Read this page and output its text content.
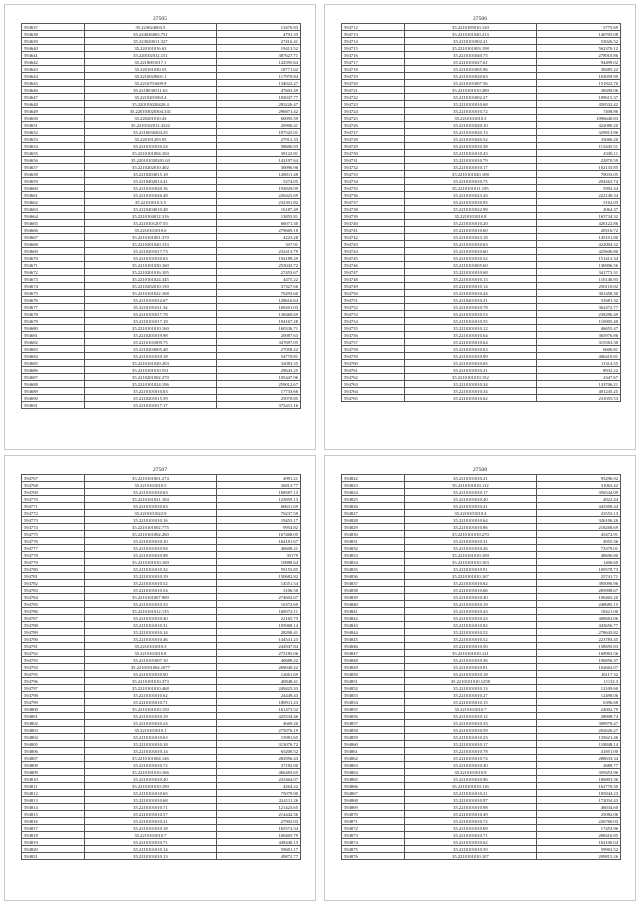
27505
594637	35.223024003.5	13476.83
594638	35.224026003.751	4791.33
594639	35.223020011.327	27416.41
594640	35.220101016.63	19413.52
594641	35.220102012.151	387627.71
594642	35.2218001017.1	142595.64
594643	35.220101030.53	18771.62
594644	35.2216020601.1	117970.84
594645	35.2216701609.9	134022.27
594646	35.2218030511.63	47603.49
594647	35.2210201063.4	182047.77
594648	35.220103020420.4	283226.47
594649	35.220103020304.341	296871.42
594650	35.220201010.43	60095.59
594651	35.2210102012.3222	20906.41
594652	35.2216030204.25	187525.01
594653	35.220101203.95	27912.33
594654	35.2210101010.24	58606.93
594655	35.2210101004.104	39122.81
594656	35.220101020201.63	142197.64
594657	35.2210202010.402	30096.96
594658	35.2210203015.18	128011.48
594659	35.2210402014.41	5274.05
594660	35.2210101020.16	193829.09
594661	35.2210101026.48	226425.69
594662	35.22101010.3.5	232301.82
594663	35.2210404010.48	16187.49
594664	35.2210104012.316	13855.81
594665	35.2210101207.55	66071.30
594666	35.2210101010.6	279669.18
594667	35.2210101001.370	4223.28
594668	35.2210201020.133	337.91
594669	35.2210201017.73	232413.79
594670	35.2210101010.63	194189.29
594671	35.2210101030.160	253043.72
594672	35.2210201016.105	27453.67
594673	35.2210101024.345	4475.22
594674	35.2210202010.150	37327.66
594675	35.2210101022.168	70293.60
594676	35.2210101012.67	128616.64
594677	35.2210101011.34	169201.03
594678	35.2210101017.78	138460.69
594679	35.2210101017.18	194167.28
594680	35.2210101010.160	160336.71
594681	35.2210201019.98	20087.63
594682	35.2210101009.75	347697.05
594683	35.2210203005.48	27058.22
594684	35.2210101010.18	54770.81
594685	35.2210101020.203	32083.35
594686	35.2210101010.551	29643.25
594687	35.2210201002.270	105447.96
594688	35.2210101024.196	259012.67
594689	35.2210101010.63	17733.66
594690	35.2210201015.59	25070.85
594691	35.2210101017.17	375431.16
27506
594712	35.2210105010.120	5775.69
594713	35.2210101020.213	140705.08
594714	35.2210101002.21	53026.52
594715	35.2210101003.198	562370.12
594716	35.2210101040.75	278910.86
594717	35.2210101027.61	94499.02
594718	35.2210101005.96	38485.22
594719	35.2210101020.63	163059.90
594720	35.2210101007.56	151822.70
594721	35.2210101010.380	38490.06
594722	35.2210101002.27	109615.37
594723	35.2210101010.68	450532.42
594724	35.2210101010.72	7408.86
594725	35.2210101010.3	1096640.83
594726	35.2210101020.10	422080.20
594727	35.2210101020.13	329813.86
594728	35.2210101020.32	33066.20
594729	35.2210101010.38	113445.51
594730	35.2210101010.43	4330.11
594731	35.2210101010.79	22870.59
594732	35.2210101010.17	102135.85
594733	35.2210101020.108	70033.05
594734	35.2210101010.75	204263.74
594735	35.2210101011.195	5992.34
594736	35.2210101023.43	222148.34
594737	35.2210101010.95	5162.03
594738	35.2210101022.98	2064.37
594739	35.2210101010.8	165734.32
594740	35.2210101010.20	426122.86
594741	35.2210101010.60	20516.72
594742	35.2210101023.18	145101.80
594743	35.2210101010.63	422004.32
594744	35.2210101010.60	425606.80
594745	35.2210101010.32	151412.34
594746	35.2210101005.60	136906.56
594747	35.2210101010.68	341773.31
594748	35.2210101010.13	116146.83
594749	35.2210101010.14	250110.82
594750	35.2210101010.44	301458.30
594751	35.2210201010.21	31681.32
594752	35.2210101010.78	362472.77
594753	35.2210101010.53	238296.49
594754	35.2210101010.55	116905.40
594755	35.2210201010.12	46655.47
594756	35.2210101010.64	365976.86
594757	35.2210101010.64	315563.30
594758	35.2210101010.63	6606.81
594759	35.2210101010.99	406416.81
594760	35.2210101010.65	11314.55
594761	35.2210101010.21	8932.22
594762	35.2210101010.152	2347.67
594763	35.2210101010.34	133706.21
594764	35.2210101010.34	401245.25
594765	35.2210101010.62	231055.53
27507
594767	35.2210101001.274	4991.21
594768	35.2210101010.5	26813.77
594769	35.2210101010.63	168587.13
594770	35.2210101021.104	123859.13
594771	35.2210101010.63	60631.69
594772	35.2210101022.9	76237.59
594773	35.2210101010.16	19453.17
594774	35.2210101002.775	9954.82
594775	35.2210101002.260	167468.05
594776	35.2210101010.10	164181.67
594777	35.2210101010.94	46608.21
594778	35.2210101010.98	35179
594779	35.2210101010.100	10888.64
594780	35.2210101010.32	59153.85
594781	35.2210101010.19	150682.82
594782	35.2210101010.52	14551.54
594783	35.2210101010.54	3106.50
594784	35.2210101007.900	274602.67
594785	35.2210101010.33	16372.60
594786	35.2210101012.135	168572.11
594787	35.2210101010.40	22165.73
594788	35.2210101010.31	105068.14
594789	35.2210101010.14	28290.41
594790	35.2210101010.46	144541.23
594791	35.2210101010.3	244947.84
594792	35.2210101010.8	275185.06
594793	35.2210101007.10	40688.22
594794	35.2210101004.1077	269040.22
594795	35.2210101010.90	12661.69
594796	35.2210101010.373	40848.41
594797	35.2210101010.468	249425.33
594798	35.2210101010.62	24449.43
594799	35.2210101010.71	188911.23
594800	35.2210101010.150	161473.52
594801	35.2210101010.19	425534.46
594802	35.2210101010.24	4669.20
594803	35.2210101010.1	275076.19
594804	35.2210101010.63	15981.65
594805	35.2210101010.18	313076.72
594806	35.2210101010.14	65200.52
594807	35.2210101004.146	282956.43
594808	35.2210101010.72	37182.90
594809	35.2210101010.166	466483.65
594810	35.2210101010.40	225464.07
594811	35.2210101010.190	4264.22
594812	35.2210101010.65	75079.90
594813	35.2210101010.68	224111.26
594814	35.2210101010.71	121423.65
594815	35.2210101010.57	214442.56
594816	35.2210101010.21	27902.03
594817	35.2210101010.18	165574.34
594818	35.2210101010.7	160465.79
594819	35.2210101010.71	448440.13
594820	35.2210101010.14	59601.17
594821	35.2210101010.13	49872.77
27508
594822	35.2210101010.21	95296.92
594823	35.2210101010.112	31063.42
594824	35.2210101010.17	356544.09
594825	35.2210101010.40	4822.44
594826	35.2210101010.41	445508.44
594827	35.2210101010.4	23553.13
594828	35.2210101010.64	326106.26
594829	35.2210101010.86	218268.69
594830	35.2210101010.270	45472.91
594831	35.2210101010.31	4955.36
594832	35.2210101010.26	73379.01
594833	35.2210101010.109	48696.80
594834	35.2210101010.103	1406.60
594835	35.2210101010.91	109578.73
594836	35.2210101010.167	25741.71
594837	35.2210101010.62	395096.96
594838	35.2210101010.66	283908.67
594839	35.2210101010.40	106465.20
594840	35.2210101010.19	248685.15
594841	35.2210101010.43	18421.00
594842	35.2210101010.23	408663.06
594843	35.2210101010.82	443656.77
594844	35.2210101010.52	278643.82
594845	35.2210101010.52	223783.45
594846	35.2210101010.50	158695.83
594847	35.2210101010.121	168963.56
594848	35.2210101010.36	196856.37
594849	35.2210101010.81	162662.07
594850	35.2210101010.18	16117.32
594851	35.2210101010.1258	11112.3
594852	35.2210101010.13	12109.60
594853	35.2210101010.27	12498.06
594854	35.2210101010.15	6396.68
594855	35.2210101010.7	24002.79
594856	35.2210101010.12	28008.74
594857	35.2210101010.33	308978.47
594858	35.2210101010.59	202626.27
594859	35.2210101010.23	135621.46
594860	35.2210101010.17	118848.14
594861	35.2210101010.78	41851.00
594862	35.2210101010.74	288633.34
594863	35.2210101010.40	2688.77
594864	35.2210101010.9	359453.96
594865	35.2210101010.96	186803.36
594866	35.2210101010.116	162770.30
594867	35.2210101010.21	185844.23
594868	35.2210101010.97	172034.43
594869	35.2210101010.98	46034.60
594870	35.2210101010.49	25082.06
594871	35.2210101010.72	226760.03
594872	35.2210101010.69	17453.96
594873	35.2210101010.71	208416.85
594874	35.2210101010.62	162106.04
594875	35.2210101010.59	59963.52
594876	35.2210101010.107	209815.26
